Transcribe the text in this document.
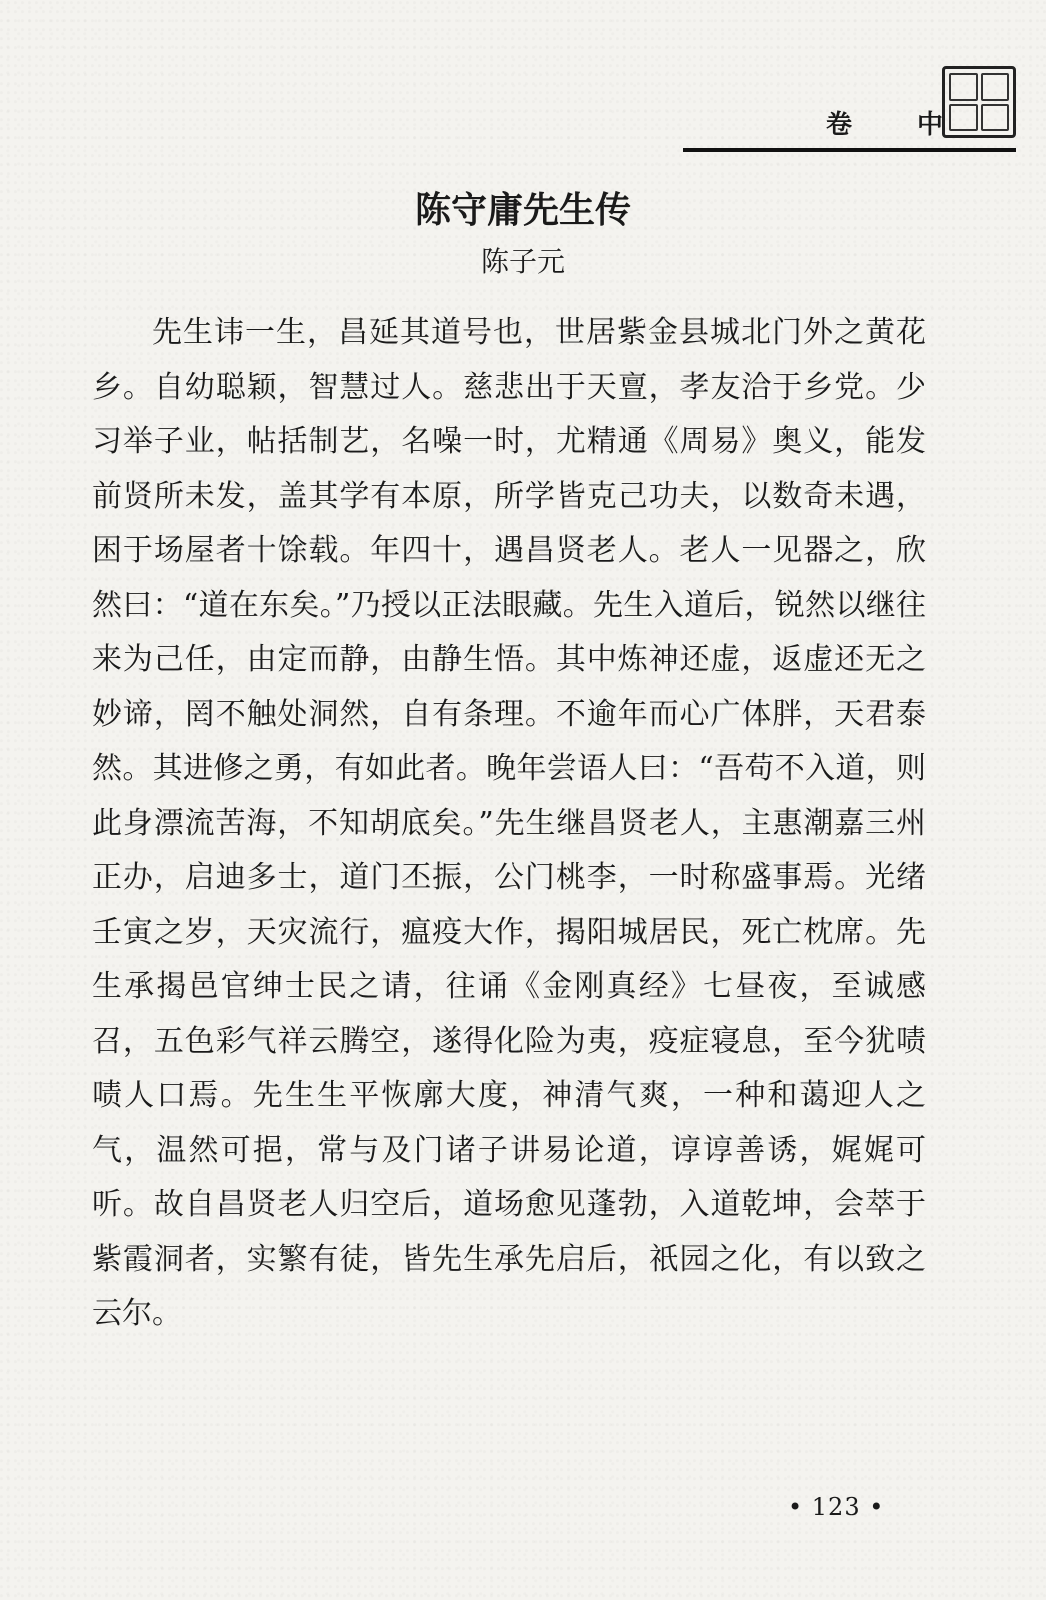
卷 中
陈守庸先生传
陈子元
先生讳一生，昌延其道号也，世居紫金县城北门外之黄花乡。自幼聪颖，智慧过人。慈悲出于天亶，孝友洽于乡党。少习举子业，帖括制艺，名噪一时，尤精通《周易》奥义，能发前贤所未发，盖其学有本原，所学皆克己功夫，以数奇未遇，困于场屋者十馀载。年四十，遇昌贤老人。老人一见器之，欣然曰：“道在东矣。”乃授以正法眼藏。先生入道后，锐然以继往来为己任，由定而静，由静生悟。其中炼神还虚，返虚还无之妙谛，罔不触处洞然，自有条理。不逾年而心广体胖，天君泰然。其进修之勇，有如此者。晚年尝语人曰：“吾苟不入道，则此身漂流苦海，不知胡底矣。”先生继昌贤老人，主惠潮嘉三州正办，启迪多士，道门丕振，公门桃李，一时称盛事焉。光绪壬寅之岁，天灾流行，瘟疫大作，揭阳城居民，死亡枕席。先生承揭邑官绅士民之请，往诵《金刚真经》七昼夜，至诚感召，五色彩气祥云腾空，遂得化险为夷，疫症寝息，至今犹啧啧人口焉。先生生平恢廓大度，神清气爽，一种和蔼迎人之气，温然可挹，常与及门诸子讲易论道，谆谆善诱，娓娓可听。故自昌贤老人归空后，道场愈见蓬勃，入道乾坤，会萃于紫霞洞者，实繁有徒，皆先生承先启后，祇园之化，有以致之云尔。
• 123 •
